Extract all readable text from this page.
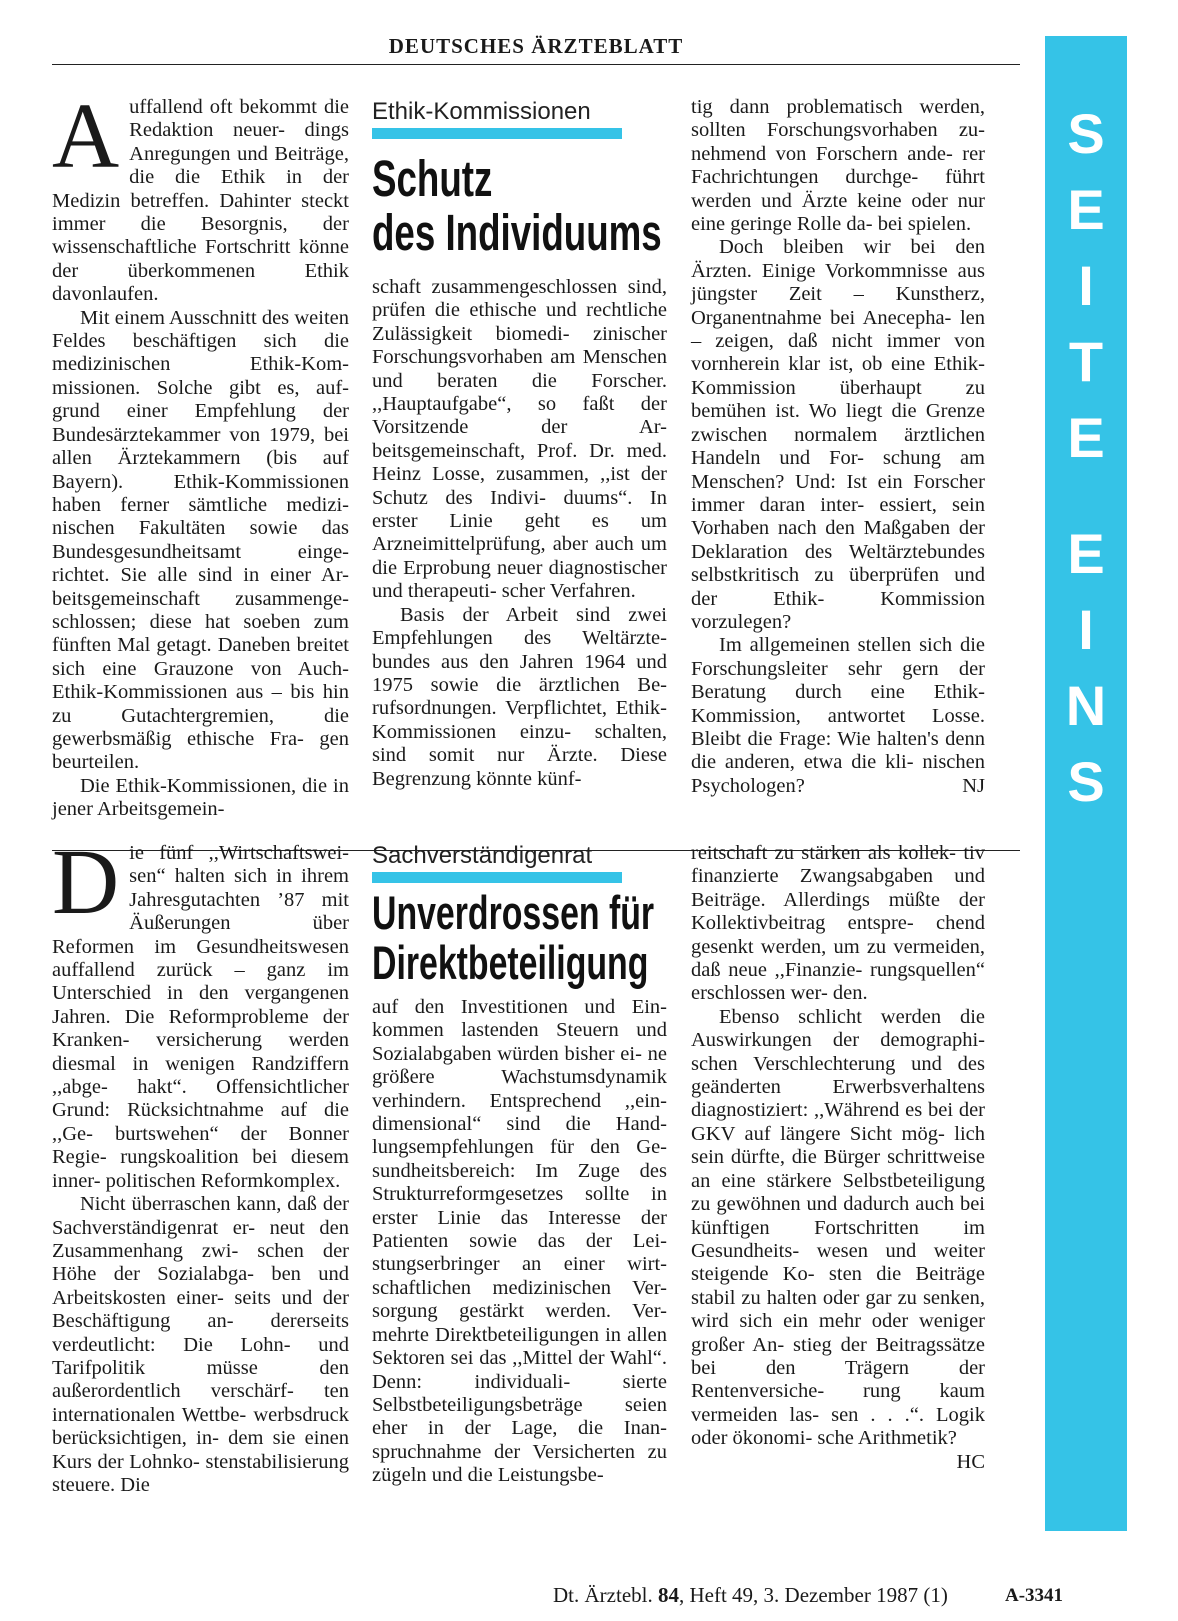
DEUTSCHES ÄRZTEBLATT
S
E
I
T
E
E
I
N
S

Auffallend oft bekommt die Redaktion neuer- dings Anregungen und Beiträge, die die Ethik in der Medizin betreffen. Dahinter steckt immer die Besorgnis, der wissenschaftliche Fortschritt könne der überkommenen Ethik davonlaufen.

Mit einem Ausschnitt des weiten Feldes beschäftigen sich die medizinischen Ethik-Kom- missionen. Solche gibt es, auf- grund einer Empfehlung der Bundesärztekammer von 1979, bei allen Ärztekammern (bis auf Bayern). Ethik-Kommissionen haben ferner sämtliche medizi- nischen Fakultäten sowie das Bundesgesundheitsamt einge- richtet. Sie alle sind in einer Ar- beitsgemeinschaft zusammenge- schlossen; diese hat soeben zum fünften Mal getagt. Daneben breitet sich eine Grauzone von Auch-Ethik-Kommissionen aus – bis hin zu Gutachtergremien, die gewerbsmäßig ethische Fra- gen beurteilen.

Die Ethik-Kommissionen, die in jener Arbeitsgemein-

Ethik-Kommissionen
Schutz
des Individuums

schaft zusammengeschlossen sind, prüfen die ethische und rechtliche Zulässigkeit biomedi- zinischer Forschungsvorhaben am Menschen und beraten die Forscher. ,,Hauptaufgabe“, so faßt der Vorsitzende der Ar- beitsgemeinschaft, Prof. Dr. med. Heinz Losse, zusammen, ,,ist der Schutz des Indivi- duums“. In erster Linie geht es um Arzneimittelprüfung, aber auch um die Erprobung neuer diagnostischer und therapeuti- scher Verfahren.

Basis der Arbeit sind zwei Empfehlungen des Weltärzte- bundes aus den Jahren 1964 und 1975 sowie die ärztlichen Be- rufsordnungen. Verpflichtet, Ethik-Kommissionen einzu- schalten, sind somit nur Ärzte. Diese Begrenzung könnte künf-

tig dann problematisch werden, sollten Forschungsvorhaben zu- nehmend von Forschern ande- rer Fachrichtungen durchge- führt werden und Ärzte keine oder nur eine geringe Rolle da- bei spielen.

Doch bleiben wir bei den Ärzten. Einige Vorkommnisse aus jüngster Zeit – Kunstherz, Organentnahme bei Anecepha- len – zeigen, daß nicht immer von vornherein klar ist, ob eine Ethik-Kommission überhaupt zu bemühen ist. Wo liegt die Grenze zwischen normalem ärztlichen Handeln und For- schung am Menschen? Und: Ist ein Forscher immer daran inter- essiert, sein Vorhaben nach den Maßgaben der Deklaration des Weltärztebundes selbstkritisch zu überprüfen und der Ethik- Kommission vorzulegen?

Im allgemeinen stellen sich die Forschungsleiter sehr gern der Beratung durch eine Ethik- Kommission, antwortet Losse. Bleibt die Frage: Wie halten's denn die anderen, etwa die kli- nischen Psychologen?	NJ

Die fünf ,,Wirtschaftswei- sen“ halten sich in ihrem Jahresgutachten ’87 mit Äußerungen über Reformen im Gesundheitswesen auffallend zurück – ganz im Unterschied in den vergangenen Jahren. Die Reformprobleme der Kranken- versicherung werden diesmal in wenigen Randziffern ,,abge- hakt“. Offensichtlicher Grund: Rücksichtnahme auf die ,,Ge- burtswehen“ der Bonner Regie- rungskoalition bei diesem inner- politischen Reformkomplex.

Nicht überraschen kann, daß der Sachverständigenrat er- neut den Zusammenhang zwi- schen der Höhe der Sozialabga- ben und Arbeitskosten einer- seits und der Beschäftigung an- dererseits verdeutlicht: Die Lohn- und Tarifpolitik müsse den außerordentlich verschärf- ten internationalen Wettbe- werbsdruck berücksichtigen, in- dem sie einen Kurs der Lohnko- stenstabilisierung steuere. Die

Sachverständigenrat
Unverdrossen für
Direktbeteiligung

auf den Investitionen und Ein- kommen lastenden Steuern und Sozialabgaben würden bisher ei- ne größere Wachstumsdynamik verhindern. Entsprechend ,,ein- dimensional“ sind die Hand- lungsempfehlungen für den Ge- sundheitsbereich: Im Zuge des Strukturreformgesetzes sollte in erster Linie das Interesse der Patienten sowie das der Lei- stungserbringer an einer wirt- schaftlichen medizinischen Ver- sorgung gestärkt werden. Ver- mehrte Direktbeteiligungen in allen Sektoren sei das ,,Mittel der Wahl“. Denn: individuali- sierte Selbstbeteiligungsbeträge seien eher in der Lage, die Inan- spruchnahme der Versicherten zu zügeln und die Leistungsbe-

reitschaft zu stärken als kollek- tiv finanzierte Zwangsabgaben und Beiträge. Allerdings müßte der Kollektivbeitrag entspre- chend gesenkt werden, um zu vermeiden, daß neue ,,Finanzie- rungsquellen“ erschlossen wer- den.

Ebenso schlicht werden die Auswirkungen der demographi- schen Verschlechterung und des geänderten Erwerbsverhaltens diagnostiziert: ,,Während es bei der GKV auf längere Sicht mög- lich sein dürfte, die Bürger schrittweise an eine stärkere Selbstbeteiligung zu gewöhnen und dadurch auch bei künftigen Fortschritten im Gesundheits- wesen und weiter steigende Ko- sten die Beiträge stabil zu halten oder gar zu senken, wird sich ein mehr oder weniger großer An- stieg der Beitragssätze bei den Trägern der Rentenversiche- rung kaum vermeiden las- sen . . .“. Logik oder ökonomi- sche Arithmetik?
HC

Dt. Ärztebl. 84, Heft 49, 3. Dezember 1987 (1)	A-3341
